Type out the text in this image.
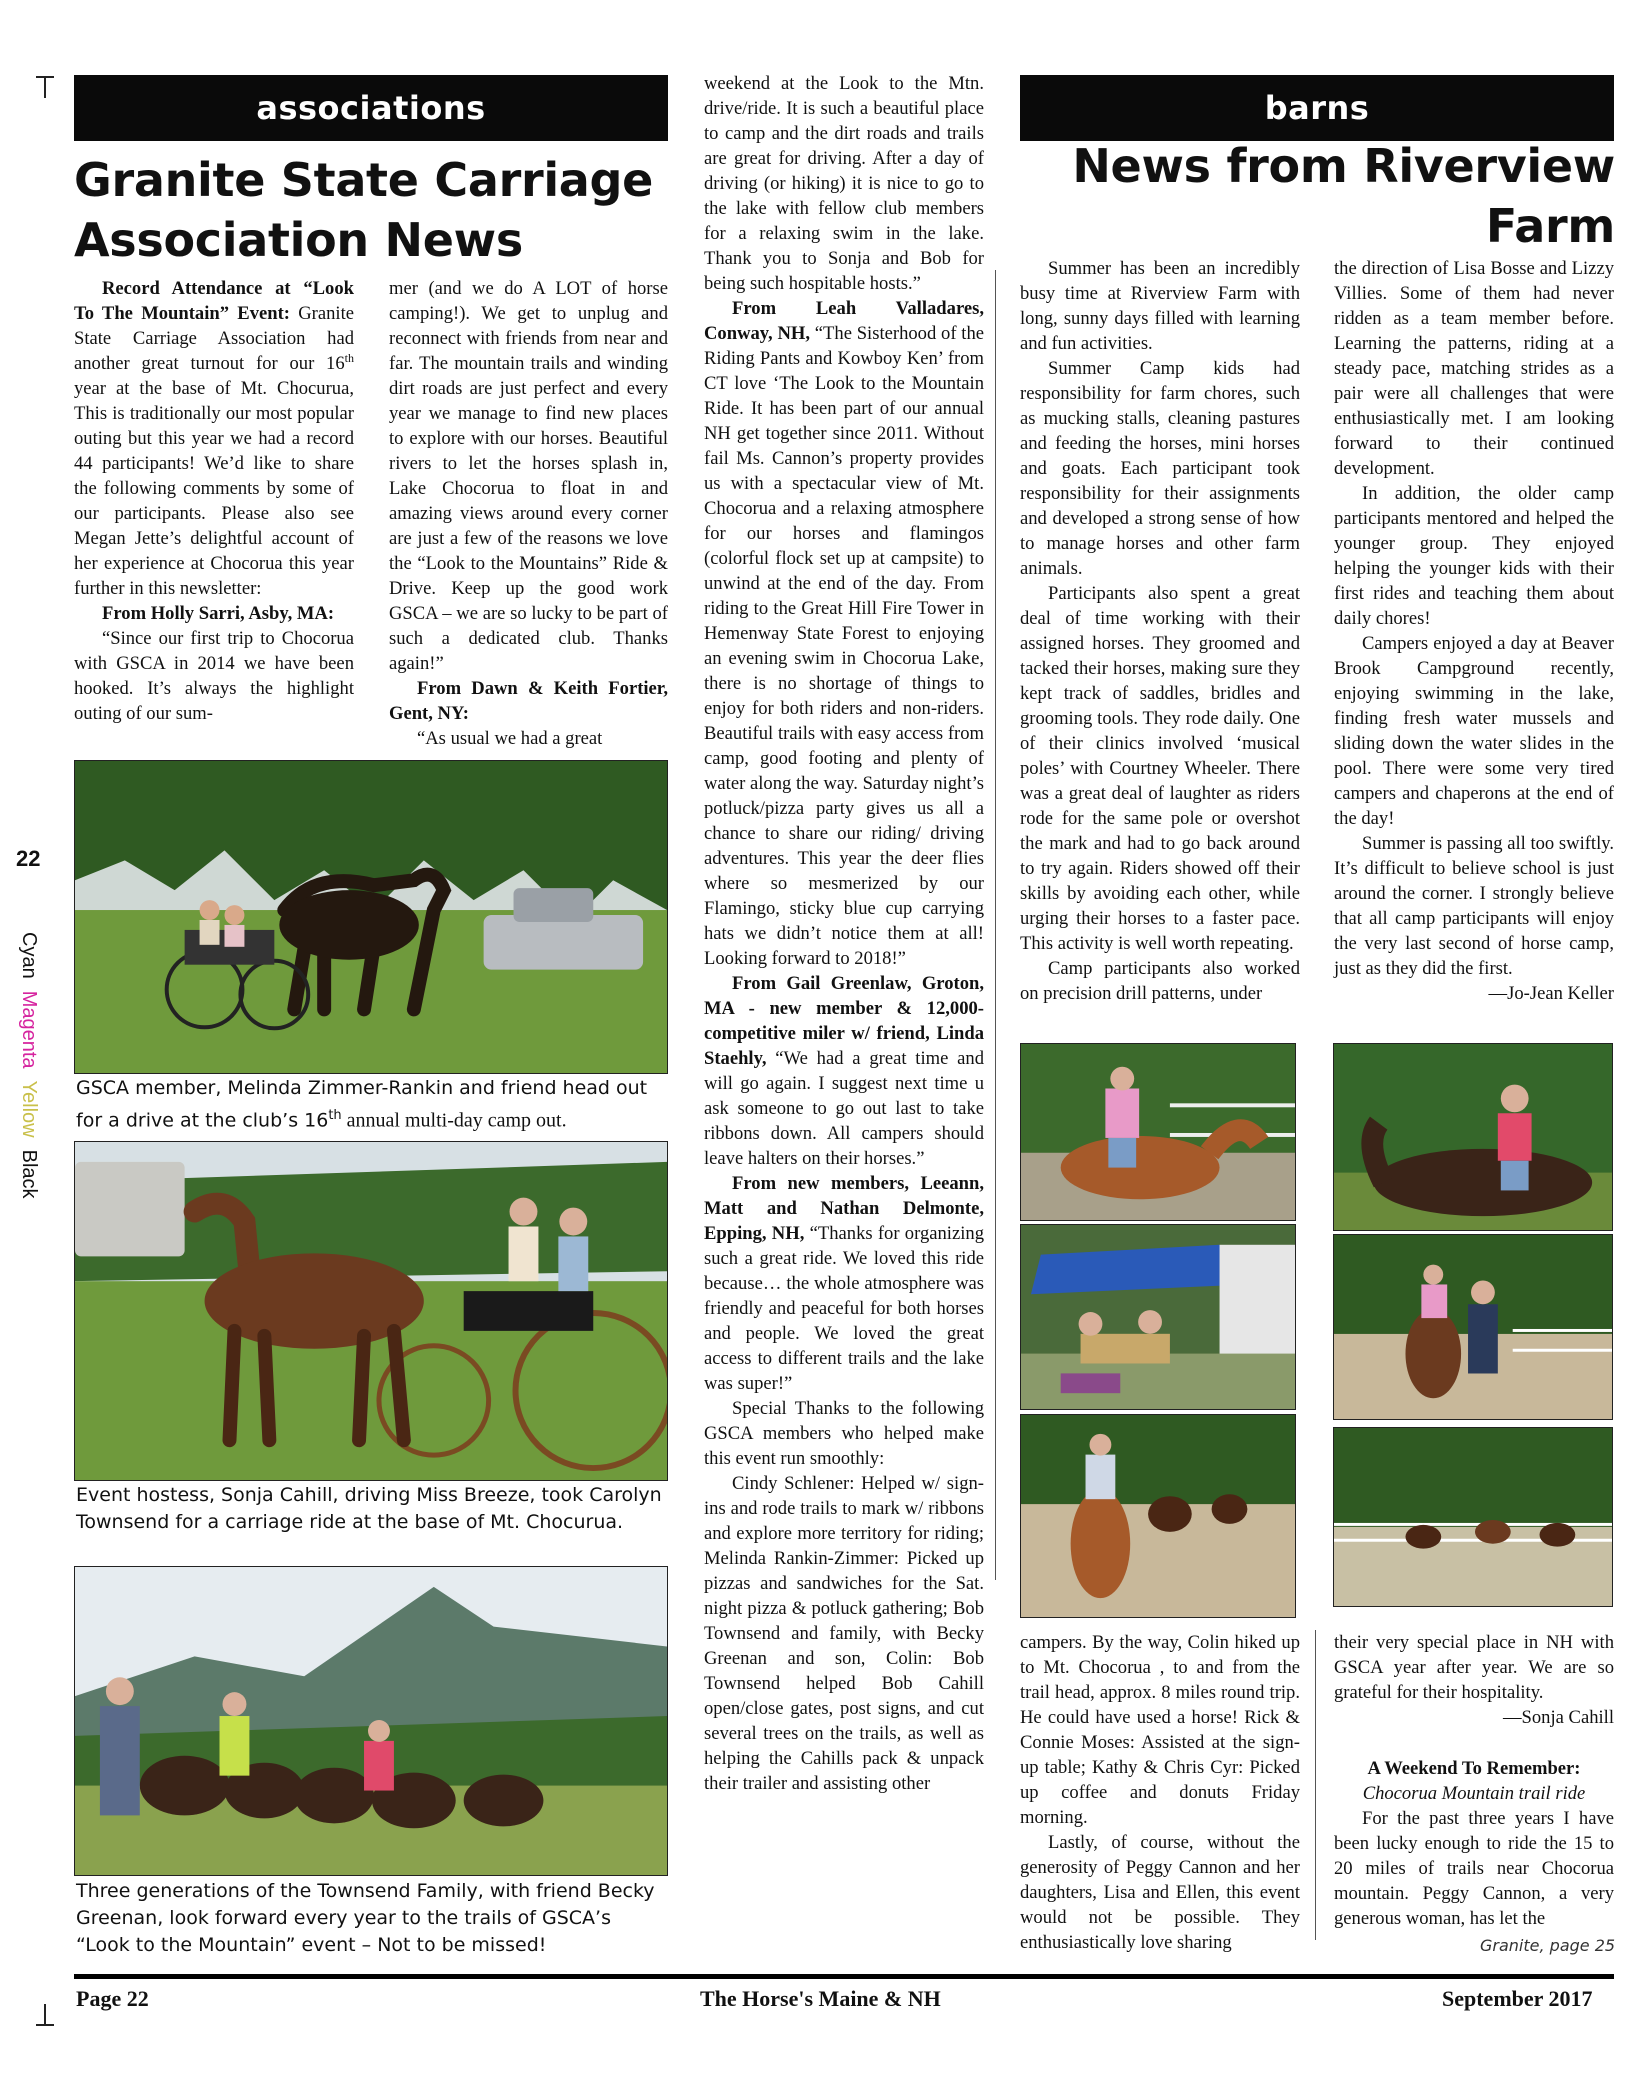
22
CyanMagentaYellowBlack
associations	barns
Granite State Carriage Association News
News from Riverview Farm

Record Attendance at “Look To The Mountain” Event: Granite State Carriage Association had another great turnout for our 16th year at the base of Mt. Chocurua, This is traditionally our most popular outing but this year we had a record 44 participants! We’d like to share the following comments by some of our participants. Please also see Megan Jette’s delightful account of her experience at Chocorua this year further in this newsletter:

From Holly Sarri, Asby, MA:

“Since our first trip to Chocorua with GSCA in 2014 we have been hooked. It’s always the highlight outing of our sum-

mer (and we do A LOT of horse camping!). We get to unplug and reconnect with friends from near and far. The mountain trails and winding dirt roads are just perfect and every year we manage to find new places to explore with our horses. Beautiful rivers to let the horses splash in, Lake Chocorua to float in and amazing views around every corner are just a few of the reasons we love the “Look to the Mountains” Ride & Drive. Keep up the good work GSCA – we are so lucky to be part of such a dedicated club. Thanks again!”

From Dawn & Keith Fortier, Gent, NY:

“As usual we had a great

GSCA member, Melinda Zimmer-Rankin and friend head out for a drive at the club’s 16th annual multi-day camp out.
Event hostess, Sonja Cahill, driving Miss Breeze, took Carolyn Townsend for a carriage ride at the base of Mt. Chocurua.
Three generations of the Townsend Family, with friend Becky Greenan, look forward every year to the trails of GSCA’s “Look to the Mountain” event – Not to be missed!

weekend at the Look to the Mtn. drive/ride. It is such a beautiful place to camp and the dirt roads and trails are great for driving. After a day of driving (or hiking) it is nice to go to the lake with fellow club members for a relaxing swim in the lake. Thank you to Sonja and Bob for being such hospitable hosts.”

From Leah Valladares, Conway, NH, “The Sisterhood of the Riding Pants and Kowboy Ken’ from CT love ‘The Look to the Mountain Ride. It has been part of our annual NH get together since 2011. Without fail Ms. Cannon’s property provides us with a spectacular view of Mt. Chocorua and a relaxing atmosphere for our horses and flamingos (colorful flock set up at campsite) to unwind at the end of the day. From riding to the Great Hill Fire Tower in Hemenway State Forest to enjoying an evening swim in Chocorua Lake, there is no shortage of things to enjoy for both riders and non-riders. Beautiful trails with easy access from camp, good footing and plenty of water along the way. Saturday night’s potluck/pizza party gives us all a chance to share our riding/ driving adventures. This year the deer flies where so mesmerized by our Flamingo, sticky blue cup carrying hats we didn’t notice them at all! Looking forward to 2018!”

From Gail Greenlaw, Groton, MA - new member & 12,000-competitive miler w/ friend, Linda Staehly, “We had a great time and will go again. I suggest next time u ask someone to go out last to take ribbons down. All campers should leave halters on their horses.”

From new members, Leeann, Matt and Nathan Delmonte, Epping, NH, “Thanks for organizing such a great ride. We loved this ride because… the whole atmosphere was friendly and peaceful for both horses and people. We loved the great access to different trails and the lake was super!”

Special Thanks to the following GSCA members who helped make this event run smoothly:

Cindy Schlener: Helped w/ sign-ins and rode trails to mark w/ ribbons and explore more territory for riding; Melinda Rankin-Zimmer: Picked up pizzas and sandwiches for the Sat. night pizza & potluck gathering; Bob Townsend and family, with Becky Greenan and son, Colin: Bob Townsend helped Bob Cahill open/close gates, post signs, and cut several trees on the trails, as well as helping the Cahills pack & unpack their trailer and assisting other

Summer has been an incredibly busy time at Riverview Farm with long, sunny days filled with learning and fun activities.

Summer Camp kids had responsibility for farm chores, such as mucking stalls, cleaning pastures and feeding the horses, mini horses and goats. Each participant took responsibility for their assignments and developed a strong sense of how to manage horses and other farm animals.

Participants also spent a great deal of time working with their assigned horses. They groomed and tacked their horses, making sure they kept track of saddles, bridles and grooming tools. They rode daily. One of their clinics involved ‘musical poles’ with Courtney Wheeler. There was a great deal of laughter as riders rode for the same pole or overshot the mark and had to go back around to try again. Riders showed off their skills by avoiding each other, while urging their horses to a faster pace. This activity is well worth repeating.

Camp participants also worked on precision drill patterns, under

the direction of Lisa Bosse and Lizzy Villies. Some of them had never ridden as a team member before. Learning the patterns, riding at a steady pace, matching strides as a pair were all challenges that were enthusiastically met. I am looking forward to their continued development.

In addition, the older camp participants mentored and helped the younger group. They enjoyed helping the younger kids with their first rides and teaching them about daily chores!

Campers enjoyed a day at Beaver Brook Campground recently, enjoying swimming in the lake, finding fresh water mussels and sliding down the water slides in the pool. There were some very tired campers and chaperons at the end of the day!

Summer is passing all too swiftly. It’s difficult to believe school is just around the corner. I strongly believe that all camp participants will enjoy the very last second of horse camp, just as they did the first.

—Jo-Jean Keller

campers. By the way, Colin hiked up to Mt. Chocorua , to and from the trail head, approx. 8 miles round trip. He could have used a horse! Rick & Connie Moses: Assisted at the sign-up table; Kathy & Chris Cyr: Picked up coffee and donuts Friday morning.

Lastly, of course, without the generosity of Peggy Cannon and her daughters, Lisa and Ellen, this event would not be possible. They enthusiastically love sharing

their very special place in NH with GSCA year after year. We are so grateful for their hospitality.

—Sonja Cahill

A Weekend To Remember:

Chocorua Mountain trail ride

For the past three years I have been lucky enough to ride the 15 to 20 miles of trails near Chocorua mountain. Peggy Cannon, a very generous woman, has let the

Granite, page 25
Page 22	The Horse's Maine & NH	September 2017
